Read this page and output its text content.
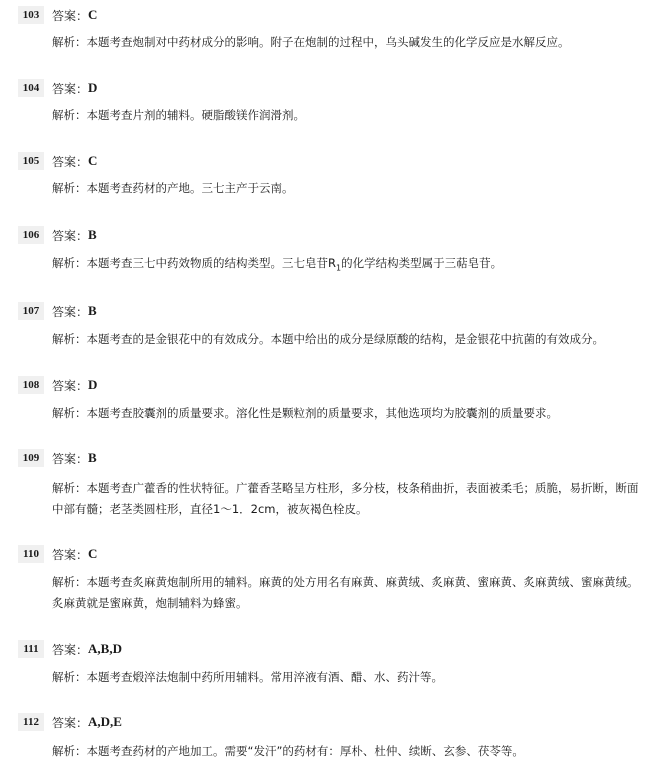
103	答案： C
解析：本题考查炮制对中药材成分的影响。附子在炮制的过程中，乌头碱发生的化学反应是水解反应。
104	答案： D
解析：本题考查片剂的辅料。硬脂酸镁作润滑剂。
105	答案： C
解析：本题考查药材的产地。三七主产于云南。
106	答案： B
解析：本题考查三七中药效物质的结构类型。三七皂苷$R_1$的化学结构类型属于三萜皂苷。
107	答案： B
解析：本题考查的是金银花中的有效成分。本题中给出的成分是绿原酸的结构，是金银花中抗菌的有效成分。
108	答案： D
解析：本题考查胶囊剂的质量要求。溶化性是颗粒剂的质量要求，其他选项均为胶囊剂的质量要求。
109	答案： B
解析：本题考查广藿香的性状特征。广藿香茎略呈方柱形，多分枝，枝条稍曲折，表面被柔毛；质脆，易折断，断面中部有髓；老茎类圆柱形，直径1～1．2cm，被灰褐色栓皮。
110	答案： C
解析：本题考查炙麻黄炮制所用的辅料。麻黄的处方用名有麻黄、麻黄绒、炙麻黄、蜜麻黄、炙麻黄绒、蜜麻黄绒。炙麻黄就是蜜麻黄，炮制辅料为蜂蜜。
111	答案： A,B,D
解析：本题考查煅淬法炮制中药所用辅料。常用淬液有酒、醋、水、药汁等。
112	答案： A,D,E
解析：本题考查药材的产地加工。需要“发汗”的药材有：厚朴、杜仲、续断、玄参、茯苓等。
